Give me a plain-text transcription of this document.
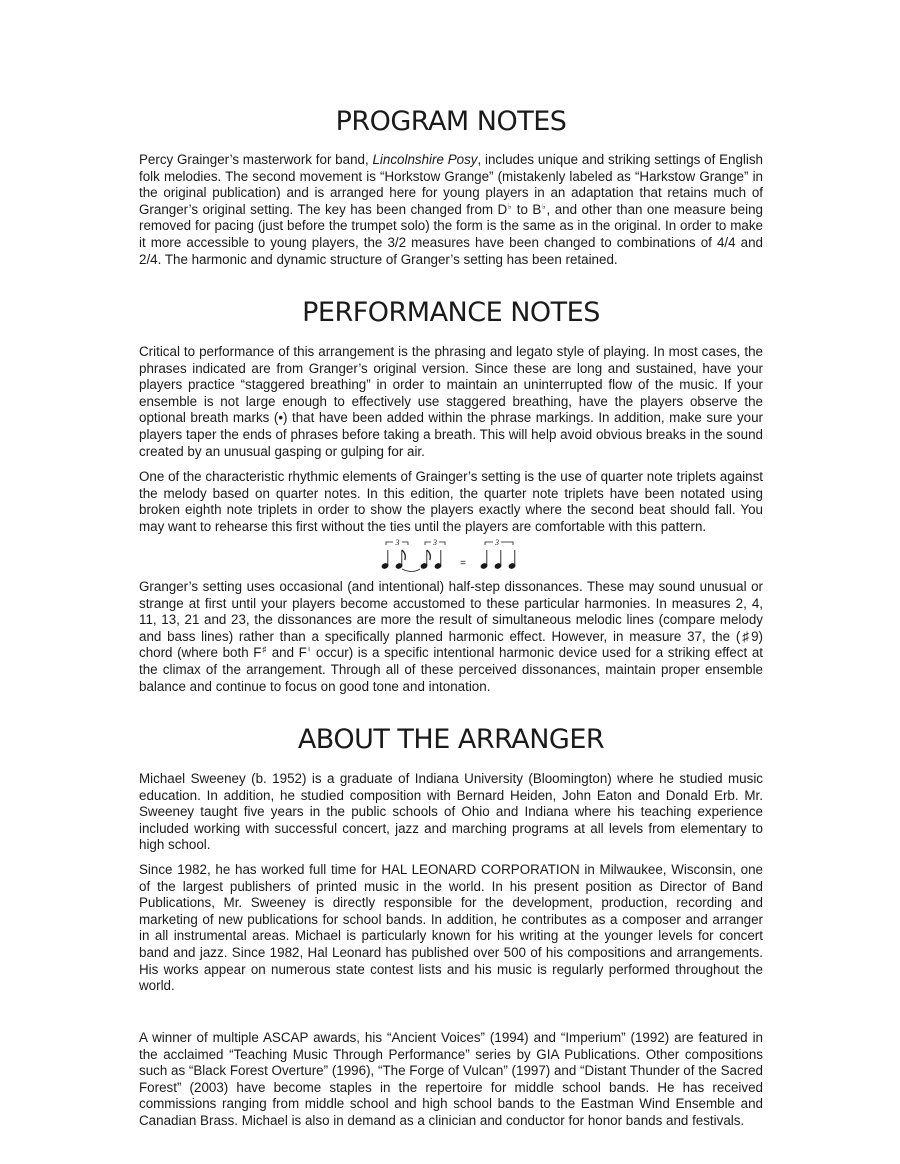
PROGRAM NOTES

Percy Grainger’s masterwork for band, Lincolnshire Posy, includes unique and striking settings of English folk melodies. The second movement is “Horkstow Grange” (mistakenly labeled as “Harkstow Grange” in the original publication) and is arranged here for young players in an adaptation that retains much of Granger’s original setting. The key has been changed from D♭ to B♭, and other than one measure being removed for pacing (just before the trumpet solo) the form is the same as in the original. In order to make it more accessible to young players, the 3/2 measures have been changed to combinations of 4/4 and 2/4. The harmonic and dynamic structure of Granger’s setting has been retained.

PERFORMANCE NOTES

Critical to performance of this arrangement is the phrasing and legato style of playing. In most cases, the phrases indicated are from Granger’s original version. Since these are long and sustained, have your players practice “staggered breathing” in order to maintain an uninterrupted flow of the music. If your ensemble is not large enough to effectively use staggered breathing, have the players observe the optional breath marks (•) that have been added within the phrase markings. In addition, make sure your players taper the ends of phrases before taking a breath. This will help avoid obvious breaks in the sound created by an unusual gasping or gulping for air.

One of the characteristic rhythmic elements of Grainger’s setting is the use of quarter note triplets against the melody based on quarter notes. In this edition, the quarter note triplets have been notated using broken eighth note triplets in order to show the players exactly where the second beat should fall. You may want to rehearse this first without the ties until the players are comfortable with this pattern.

3	3	3
=

Granger’s setting uses occasional (and intentional) half-step dissonances. These may sound unusual or strange at first until your players become accustomed to these particular harmonies. In measures 2, 4, 11, 13, 21 and 23, the dissonances are more the result of simultaneous melodic lines (compare melody and bass lines) rather than a specifically planned harmonic effect. However, in measure 37, the (♯9) chord (where both F♯ and F♮ occur) is a specific intentional harmonic device used for a striking effect at the climax of the arrangement. Through all of these perceived dissonances, maintain proper ensemble balance and continue to focus on good tone and intonation.

ABOUT THE ARRANGER

Michael Sweeney (b. 1952) is a graduate of Indiana University (Bloomington) where he studied music education. In addition, he studied composition with Bernard Heiden, John Eaton and Donald Erb. Mr. Sweeney taught five years in the public schools of Ohio and Indiana where his teaching experience included working with successful concert, jazz and marching programs at all levels from elementary to high school.

Since 1982, he has worked full time for HAL LEONARD CORPORATION in Milwaukee, Wisconsin, one of the largest publishers of printed music in the world. In his present position as Director of Band Publications, Mr. Sweeney is directly responsible for the development, production, recording and marketing of new publications for school bands. In addition, he contributes as a composer and arranger in all instrumental areas. Michael is particularly known for his writing at the younger levels for concert band and jazz. Since 1982, Hal Leonard has published over 500 of his compositions and arrangements. His works appear on numerous state contest lists and his music is regularly performed throughout the world.

A winner of multiple ASCAP awards, his “Ancient Voices” (1994) and “Imperium” (1992) are featured in the acclaimed “Teaching Music Through Performance” series by GIA Publications. Other compositions such as “Black Forest Overture” (1996), “The Forge of Vulcan” (1997) and “Distant Thunder of the Sacred Forest” (2003) have become staples in the repertoire for middle school bands. He has received commissions ranging from middle school and high school bands to the Eastman Wind Ensemble and Canadian Brass. Michael is also in demand as a clinician and conductor for honor bands and festivals.
